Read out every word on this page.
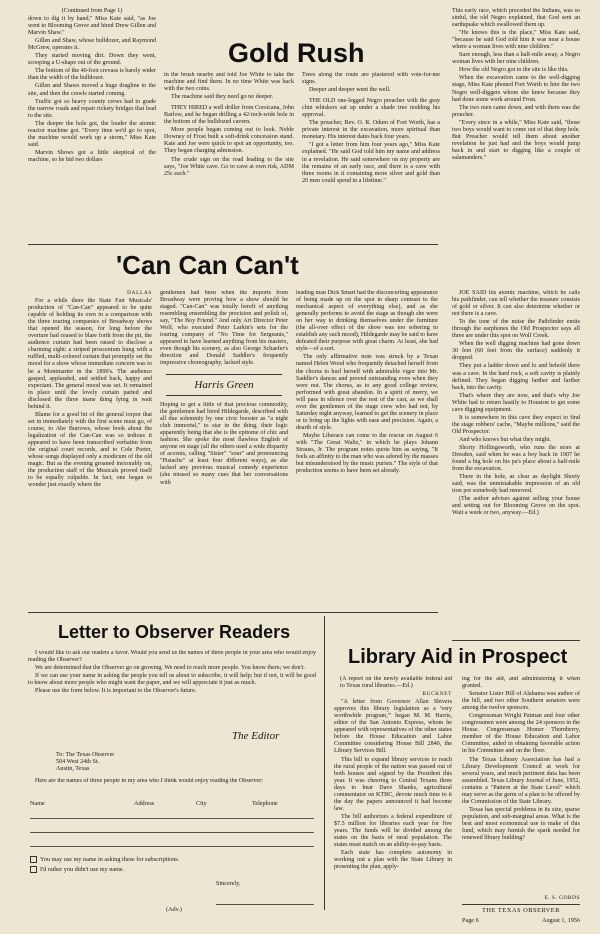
(Continued from Page 1)

down to dig it by hand," Miss Kate said, "as Joe went to Blooming Grove and hired Drew Gillen and Marvin Shaw."

Gillen and Shaw, whose bulldozer, and Raymond McGrew, operates it.

They started moving dirt. Down they went, scooping a U-shape out of the ground.

The bottom of the 40-foot crevass is barely wider than the width of the bulldozer.

Gillen and Shaws moved a huge dragline to the site, and then the crawls started coming.

Traffic got so heavy county crews had to grade the narrow roads and repair rickety bridges that lead to the site.

The deeper the hole got, the louder the atomic reactor machine got. "Every time we'd go to spot, the machine would work up a storm," Miss Kate said.

Marvin Shows got a little skeptical of the machine, so he hid two dollars

Gold Rush

in the brush nearby and told Joe White to take the machine and find them. In no time White was back with the two coins.

The machine said they need go no deeper.

THEY HIRED a well driller from Corsicana, John Barlow, and he began drilling a 42-inch-wide hole in the bottom of the bulldozed cavern.

More people began coming out to look. Noble Downey of Frost built a soft-drink concession stand. Kate and Joe were quick to spot an opportunity, too. They began charging admission.

The crude sign on the road leading to the site says, "Joe White cave. Go to cave at own risk, ADM 25c each."

Trees along the route are plastered with vote-for-me signs.

Deeper and deeper went the well.

THE OLD one-legged Negro preacher with the gray chin whiskers sat up under a shade tree nodding his approval.

The preacher, Rev. O. R. Odum of Fort Worth, has a private interest in the excavation, more spiritual than monetary. His interest dates back four years.

"I got a letter from him four years ago," Miss Kate explained. "He said God told him my name and address in a revelation. He said somewhere on my property are the remains of an early race, and there is a cave with three rooms in it containing more silver and gold than 20 men could spend in a lifetime."

This early race, which preceded the Indians, was so sinful, the old Negro explained, that God sent an earthquake which swallowed them up.

"He knows this is the place," Miss Kate said, "because he said God told him it was near a house where a woman lives with nine children."

Sure enough, less than a half-mile away, a Negro woman lives with her nine children.

How the old Negro got to the site is like this.

When the excavation came to the well-digging stage, Miss Kate phoned Fort Worth to hire the two Negro well-diggers whom she knew because they had done some work around Frost.

The two men came down, and with them was the preacher.

"Every since in a while," Miss Kate said, "those two boys would want to come out of that deep hole. But Preacher would tell them about another revelation he just had and the boys would jump back in and start to digging like a couple of salamanders."

'Can Can Can't

DALLAS

For a while there the State Fair Musicals' production of "Can-Can" appeared to be quite capable of holding its own in a comparison with the three touring companies of Broadway shows that opened the season, for long before the overture had ceased to blare forth from the pit, the audience curtain had been raised to disclose a charming sight: a striped proscenium hung with a ruffled, multi-colored curtain that promptly set the mood for a show whose immediate concern was to be a Montmartre in the 1890's. The audience gasped, applauded, and settled back, happy and expectant. The general mood was set. It remained in place until the lovely curtain parted and disclosed the three inane thing lying in wait behind it.

Blame for a good bit of the general torpor that set in immediately with the first scene must go, of course, to Abe Burrows, whose book about the legalization of the Can-Can was so tedious it appeared to have been transcribed verbatim from the original court records, and to Cole Porter, whose songs displayed only a modicum of the old magic. But as the evening groaned inexorably on, the production staff of the Musicals proved itself to be equally culpable. In fact, one began to wonder just exactly where the

gentlemen had been when the imports from Broadway were proving how a show should be staged. "Can-Can" was totally bereft of anything resembling ensembling the precision and polish of, say, "The Boy Friend." And only Art Director Peter Wolf, who executed Peter Larkin's sets for the touring company of "No Time for Sergeants," appeared to have learned anything from his masters, even though his scenery, as also George Schaefer's direction and Donald Saddler's frequently impressive choreography, lacked style.

Harris Green

Hoping to get a little of that precious commodity, the gentlemen had hired Hildegarde, described with all due solemnity by one civic booster as "a night club immortal," to star in the thing, their logic apparently being that she is the epitome of chic and fashion. She spoke the most flawless English of anyone on stage (all the others used a wide disparity of accents, calling "Sister" "sour" and pronouncing "Pistache" at least four different ways), as she lacked any previous musical comedy experience (she missed so many cues that her conversations with

leading man Dick Smart had the disconcerting appearance of being made up on the spot in sharp contrast to the mechanical aspect of everything else), and as she generally performs to avoid the stage as though she were on her way to drinking themselves under the furniture (the all-over effect of the show was too sobering to establish any such mood), Hildegarde may be said to have defeated their purpose with great charm. At least, she had style—of a sort.

The only affirmative note was struck by a Texan named Helen Wood who frequently detached herself from the chorus to hurl herself with admirable vigor into Mr. Saddler's dances and proved outstanding even when they were not. The chorus, as to any good college review, performed with great abandon. In a spirit of merry, we will pass in silence over the rest of the cast, as we shall over the gentlemen of the stage crew who had not, by Saturday night anyway, learned to get the scenery in place or to bring up the lights with ease and precision. Again, a dearth of style.

Maybe Liberace can come to the rescue on August 6 with "The Great Waltz," in which he plays Johann Strauss, Jr. The program notes quote him as saying, "It feels an affinity to the man who was adored by the masses but misunderstood by the music purists." The style of that production seems to have been set already.

JOE SAID his atomic machine, which he calls his pathfinder, can tell whether the treasure consists of gold or silver. It can also determine whether or not there is a cave.

To the tone of the noise the Pathfinder emits through the earphones the Old Prospector says all three are under this spot on Wolf Creek.

When the well digging machine had gone down 30 feet (60 feet from the surface) suddenly it dropped.

They put a ladder down and lo and behold there was a cave. In the hard rock, a soft cavity is plainly defined. They began digging farther and farther back, into the cavity.

That's where they are now, and that's why Joe White had to return hastily to Houston to get some cave digging equipment.

It is somewhere in this cave they expect to find the stage robbers' cache, "Maybe millions," said the Old Prospector.

And who knows but what they might.

Shorty Hollingsworth, who runs the store at Dresden, said when he was a boy back in 1907 he found a big hole on his pa's place about a half-mile from the excavation.

There in the hole, as clear as daylight Shorty said, was the unmistakable impression of an old iron pot somebody had removed.

(The author advises against selling your house and setting out for Blooming Grove on the spot. Wait a week or two, anyway.—Ed.)

Letter to Observer Readers

I would like to ask our readers a favor. Would you send us the names of three people in your area who would enjoy reading the Observer?

We are determined that the Observer go on growing. We need to reach more people. You know them; we don't.

If we can use your name in asking the people you tell us about to subscribe, it will help; but if not, it will be good to know about more people who might want the paper, and we will appreciate it just as much.

Please use the form below. It is important to the Observer's future.

The Editor
To: The Texas Observer
504 West 24th St.
Austin, Texas

Here are the names of three people in my area who I think would enjoy reading the Observer:

Name	Address	City	Telephone
You may use my name in asking these for subscriptions.
I'd rather you didn't use my name.
Sincerely,
(Adv.)
Library Aid in Prospect

(A report on the newly available federal aid to Texas rural libraries.—Ed.)

BUCKNET

"A letter from Governor Allan Shivers approves this library legislation as a 'very worthwhile program,'" began M. M. Harris, editor of the San Antonio Express, whom he appeared with representatives of the other states before the House Education and Labor Committee considering House Bill 2840, the Library Services Bill.

This bill to expand library services to reach the rural people of the nation was passed out of both houses and signed by the President this year. It was cheering to Central Texans three days to hear Dave Shanks, agricultural commentator on KTBC, devote much time to it the day the papers announced it had become law.

The bill authorizes a federal expenditure of $7.5 million for libraries each year for five years. The funds will be divided among the states on the basis of rural population. The states must match on an ability-to-pay basis.

Each state has complete autonomy in working out a plan with the State Library in presenting the plan, apply-

ing for the aid, and administering it when granted.

Senator Lister Hill of Alabama was author of the bill, and two other Southern senators were among the twelve sponsors.

Congressman Wright Patman and four other congressmen were among the 24 sponsors in the House. Congressman Homer Thornberry, member of the House Education and Labor Committee, aided in obtaining favorable action in his Committee and on the floor.

The Texas Library Association has had a Library Development Council at work for several years, and much pertinent data has been assembled. Texas Library Journal of June, 1952, contains a "Pattern at the State Level" which may serve as the germ of a plan to be offered by the Commission of the State Library.

Texas has special problems in its size, sparse population, and sub-marginal areas. What is the best and most economical use to make of this fund, which may furnish the spark needed for renewed library building?

E. S. GORDS
THE TEXAS OBSERVER
Page 6	August 1, 1956
